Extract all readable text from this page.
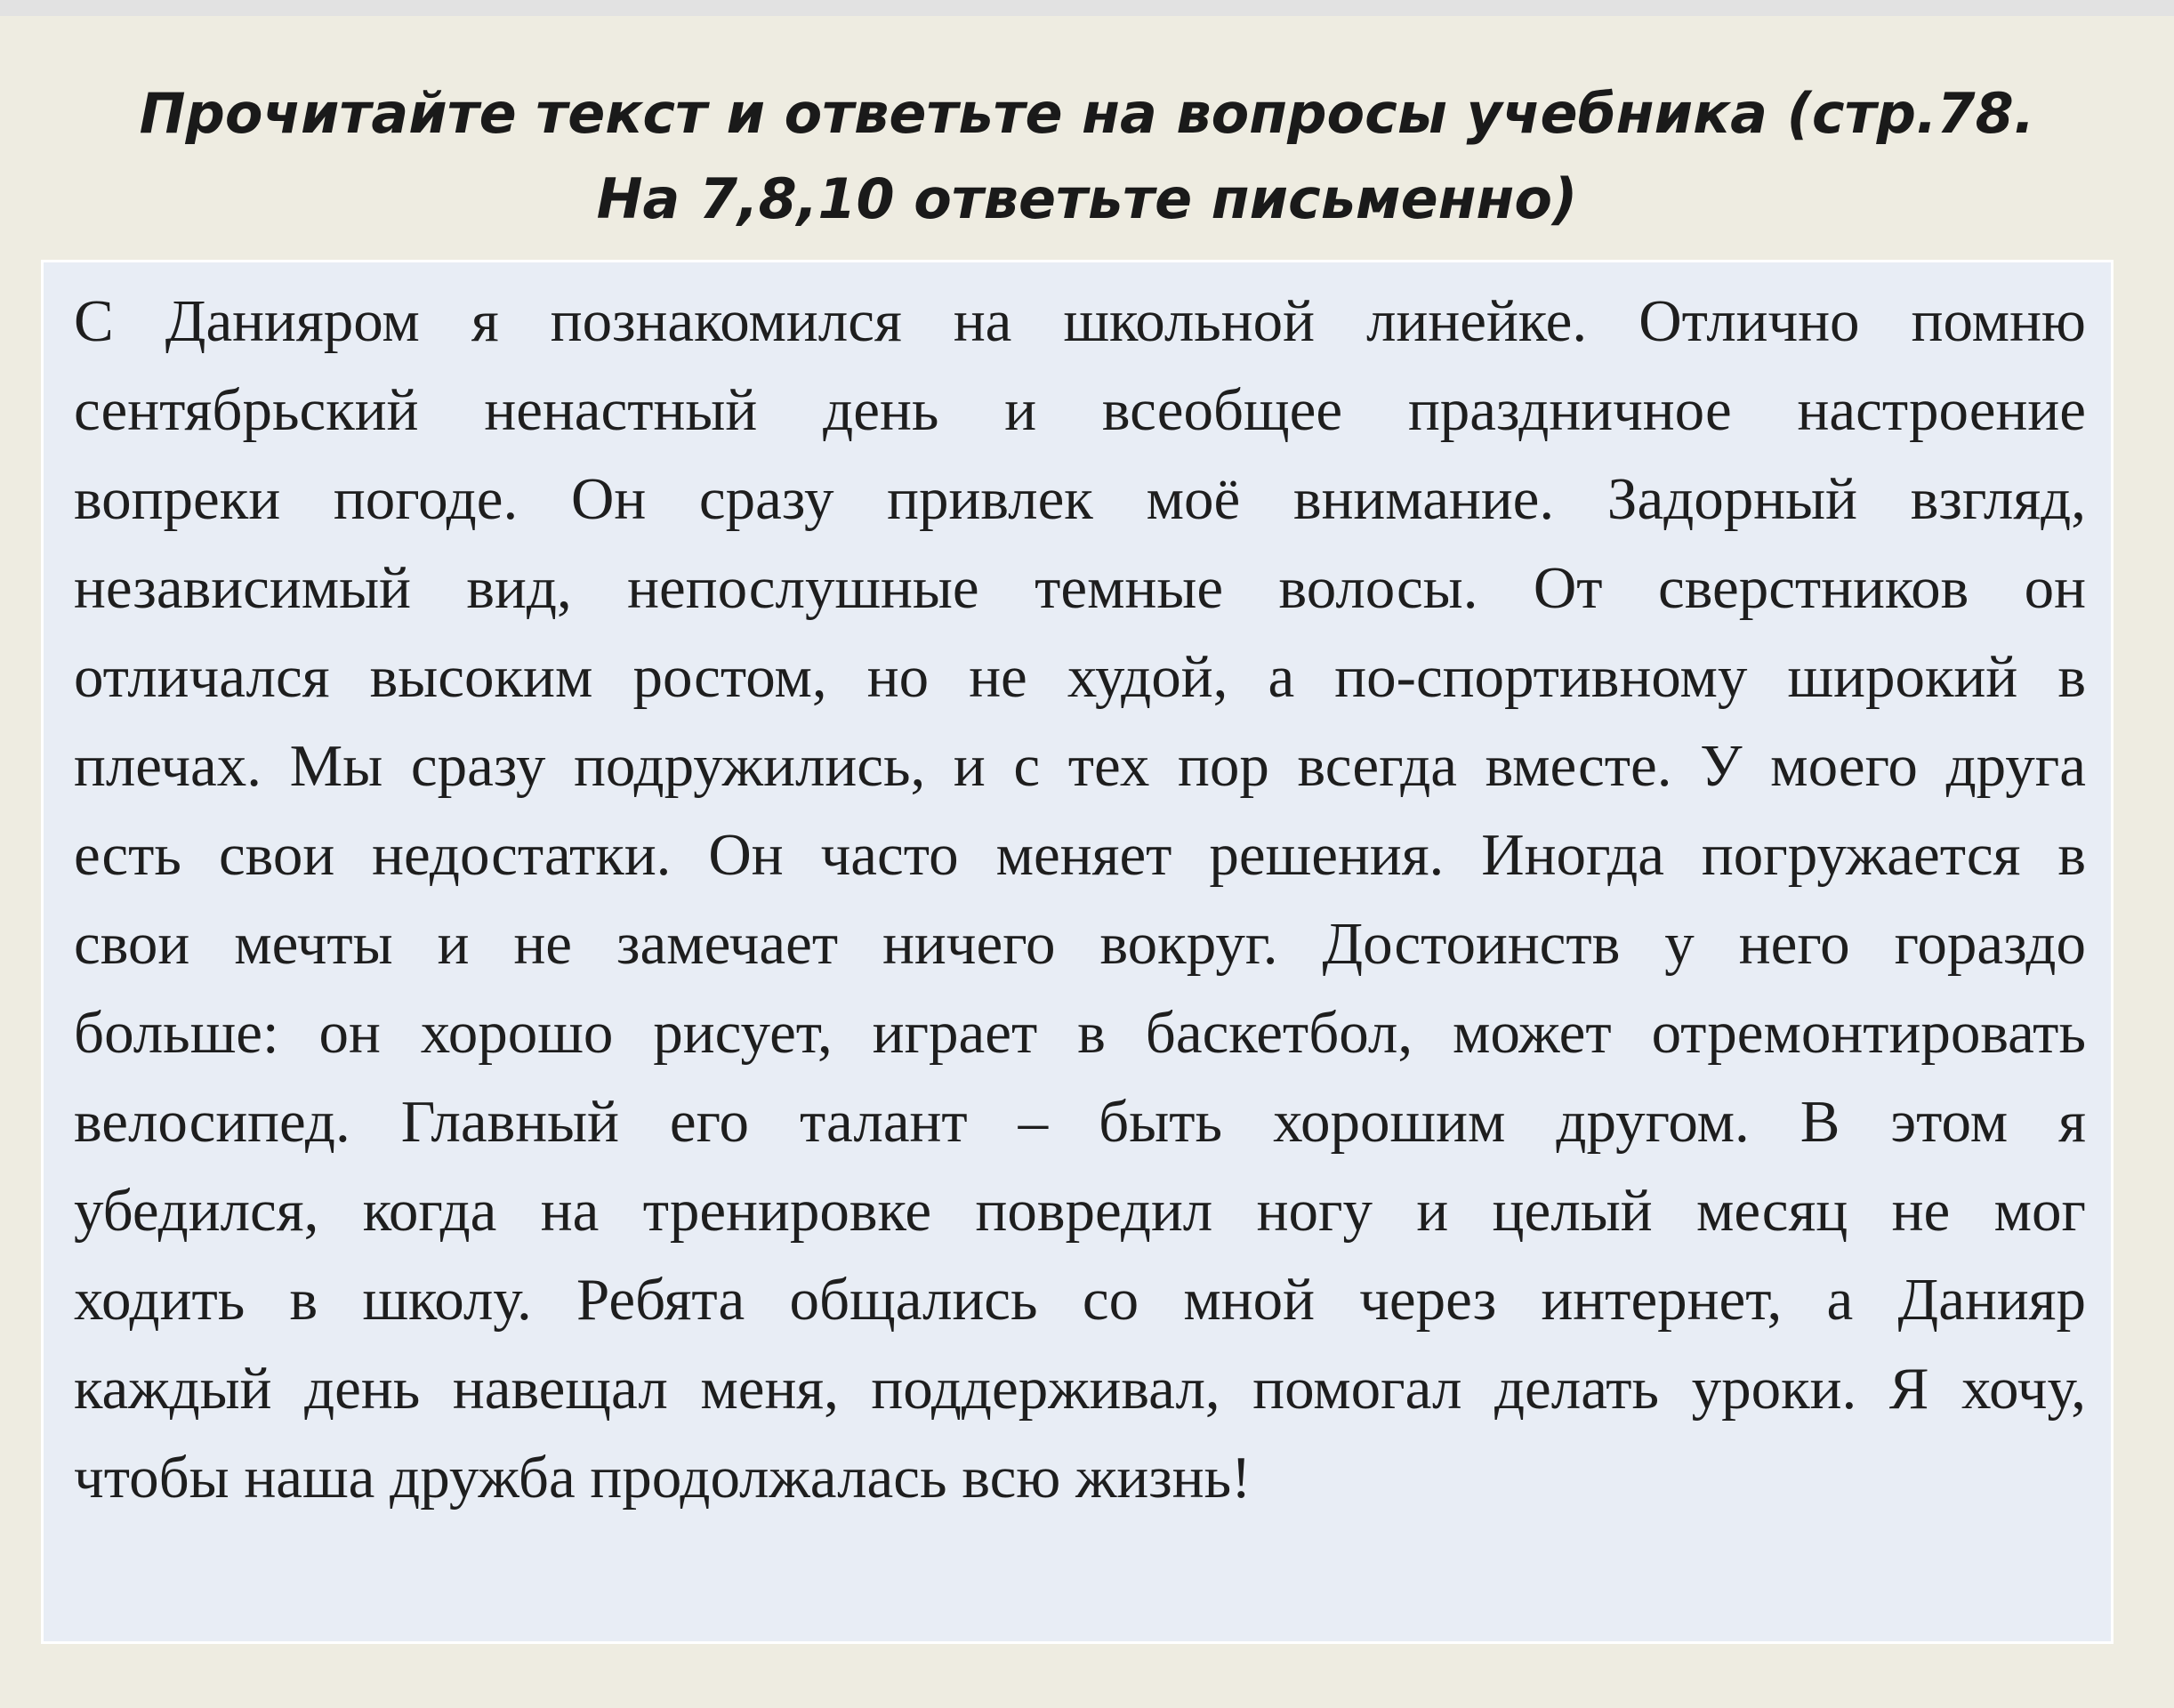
Прочитайте текст и ответьте на вопросы учебника (стр.78.
На 7,8,10 ответьте письменно)
С Данияром я познакомился на школьной линейке. Отлично помню
сентябрьский ненастный день и всеобщее праздничное настроение
вопреки погоде. Он сразу привлек моё внимание. Задорный взгляд,
независимый вид, непослушные темные волосы. От сверстников он
отличался высоким ростом, но не худой, а по-спортивному широкий в
плечах. Мы сразу подружились, и с тех пор всегда вместе. У моего друга
есть свои недостатки. Он часто меняет решения. Иногда погружается в
свои мечты и не замечает ничего вокруг. Достоинств у него гораздо
больше: он хорошо рисует, играет в баскетбол, может отремонтировать
велосипед. Главный его талант – быть хорошим другом. В этом я
убедился, когда на тренировке повредил ногу и целый месяц не мог
ходить в школу. Ребята общались со мной через интернет, а Данияр
каждый день навещал меня, поддерживал, помогал делать уроки. Я хочу,
чтобы наша дружба продолжалась всю жизнь!
